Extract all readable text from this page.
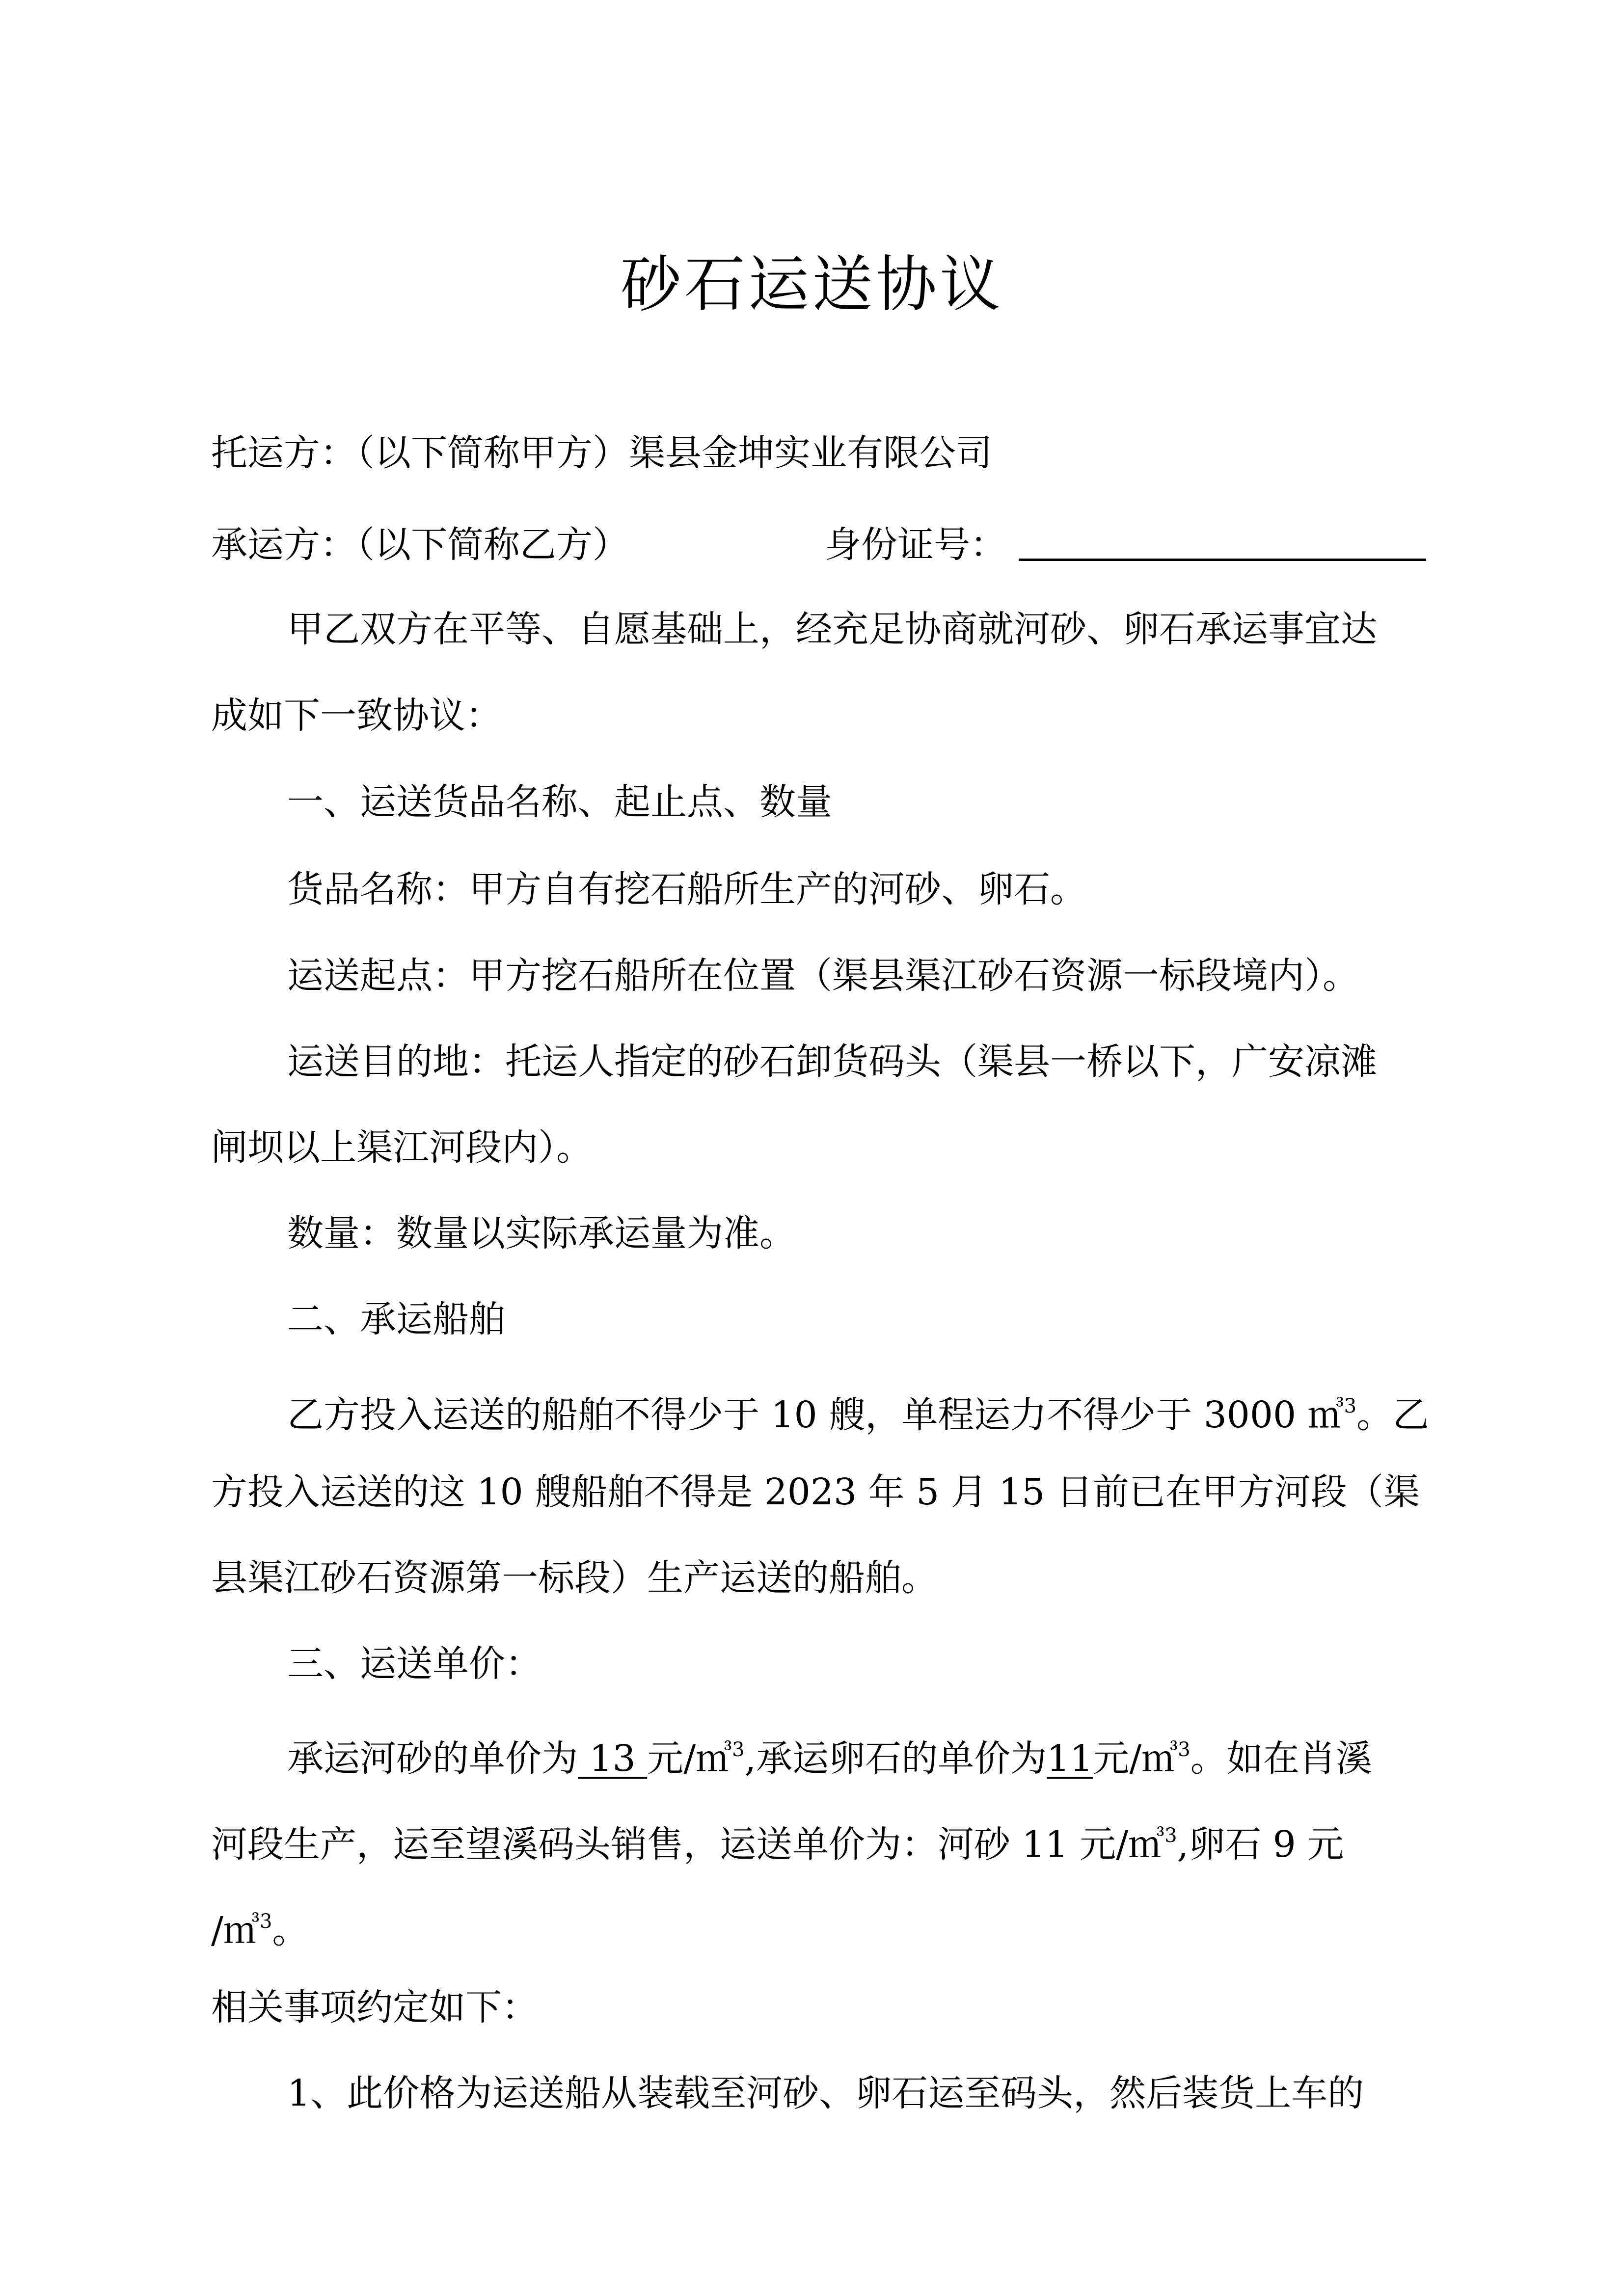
砂石运送协议
托运方：（以下简称甲方）渠县金坤实业有限公司
承运方：（以下简称乙方）	身份证号：
甲乙双方在平等、自愿基础上，经充足协商就河砂、卵石承运事宜达
成如下一致协议：
一、运送货品名称、起止点、数量
货品名称：甲方自有挖石船所生产的河砂、卵石。
运送起点：甲方挖石船所在位置（渠县渠江砂石资源一标段境内）。
运送目的地：托运人指定的砂石卸货码头（渠县一桥以下，广安凉滩
闸坝以上渠江河段内）。
数量：数量以实际承运量为准。
二、承运船舶
乙方投入运送的船舶不得少于 10 艘，单程运力不得少于 3000 ㎥$^3$。乙
方投入运送的这 10 艘船舶不得是 2023 年 5 月 15 日前已在甲方河段（渠
县渠江砂石资源第一标段）生产运送的船舶。
三、运送单价：
承运河砂的单价为 13 元/㎥$^3$,承运卵石的单价为11元/㎥$^3$。如在肖溪
河段生产，运至望溪码头销售，运送单价为：河砂 11 元/㎥$^3$,卵石 9 元
/㎥$^3$。
相关事项约定如下：
1、此价格为运送船从装载至河砂、卵石运至码头，然后装货上车的
